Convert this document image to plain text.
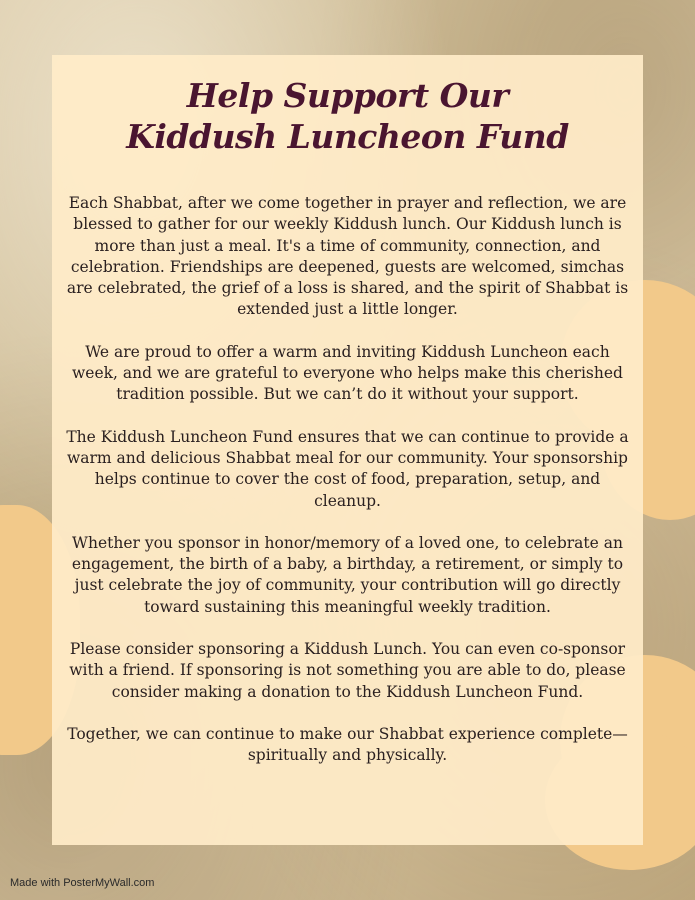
Help Support Our
Kiddush Luncheon Fund

Each Shabbat, after we come together in prayer and reflection, we are blessed to gather for our weekly Kiddush lunch. Our Kiddush lunch is more than just a meal. It's a time of community, connection, and celebration. Friendships are deepened, guests are welcomed, simchas are celebrated, the grief of a loss is shared, and the spirit of Shabbat is extended just a little longer.

We are proud to offer a warm and inviting Kiddush Luncheon each week, and we are grateful to everyone who helps make this cherished tradition possible. But we can’t do it without your support.

The Kiddush Luncheon Fund ensures that we can continue to provide a warm and delicious Shabbat meal for our community. Your sponsorship helps continue to cover the cost of food, preparation, setup, and cleanup.

Whether you sponsor in honor/memory of a loved one, to celebrate an engagement, the birth of a baby, a birthday, a retirement, or simply to just celebrate the joy of community, your contribution will go directly toward sustaining this meaningful weekly tradition.

Please consider sponsoring a Kiddush Lunch. You can even co-sponsor with a friend. If sponsoring is not something you are able to do, please consider making a donation to the Kiddush Luncheon Fund.

Together, we can continue to make our Shabbat experience complete—spiritually and physically.

Made with PosterMyWall.com
